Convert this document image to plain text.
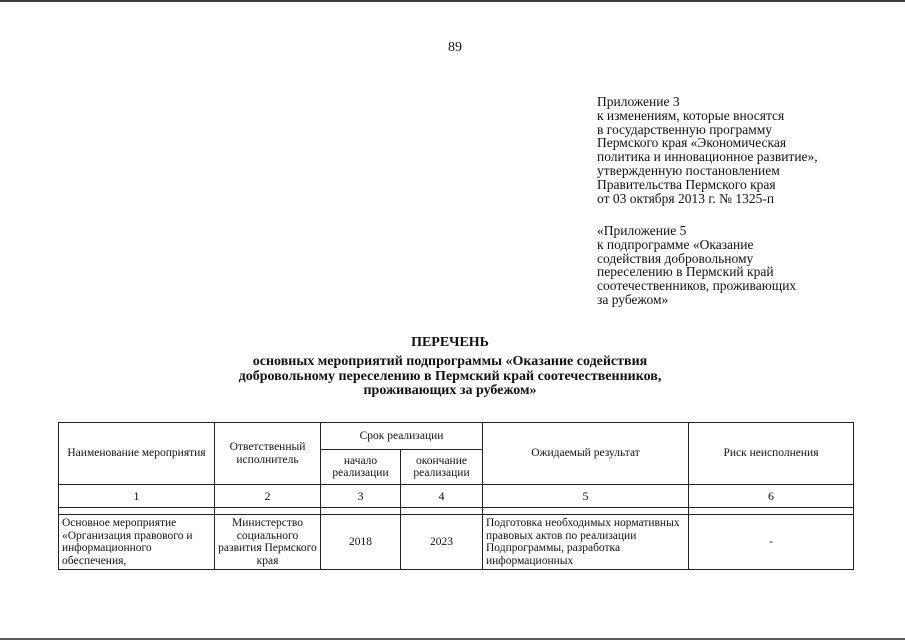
89
Приложение 3
к изменениям, которые вносятся
в государственную программу
Пермского края «Экономическая
политика и инновационное развитие»,
утвержденную постановлением
Правительства Пермского края
от 03 октября 2013 г. № 1325-п
«Приложение 5
к подпрограмме «Оказание
содействия добровольному
переселению в Пермский край
соотечественников, проживающих
за рубежом»
ПЕРЕЧЕНЬ
основных мероприятий подпрограммы «Оказание содействия
добровольному переселению в Пермский край соотечественников,
проживающих за рубежом»
Наименование мероприятия	Ответственный исполнитель	Срок реализации		Ожидаемый результат	Риск неисполнения
		начало реализации	окончание реализации		
1	2	3	4	5	6

Основное мероприятие «Организация правового и информационного обеспечения,	Министерство социального развития Пермского края	2018	2023	Подготовка необходимых нормативных правовых актов по реализации Подпрограммы, разработка информационных	-
